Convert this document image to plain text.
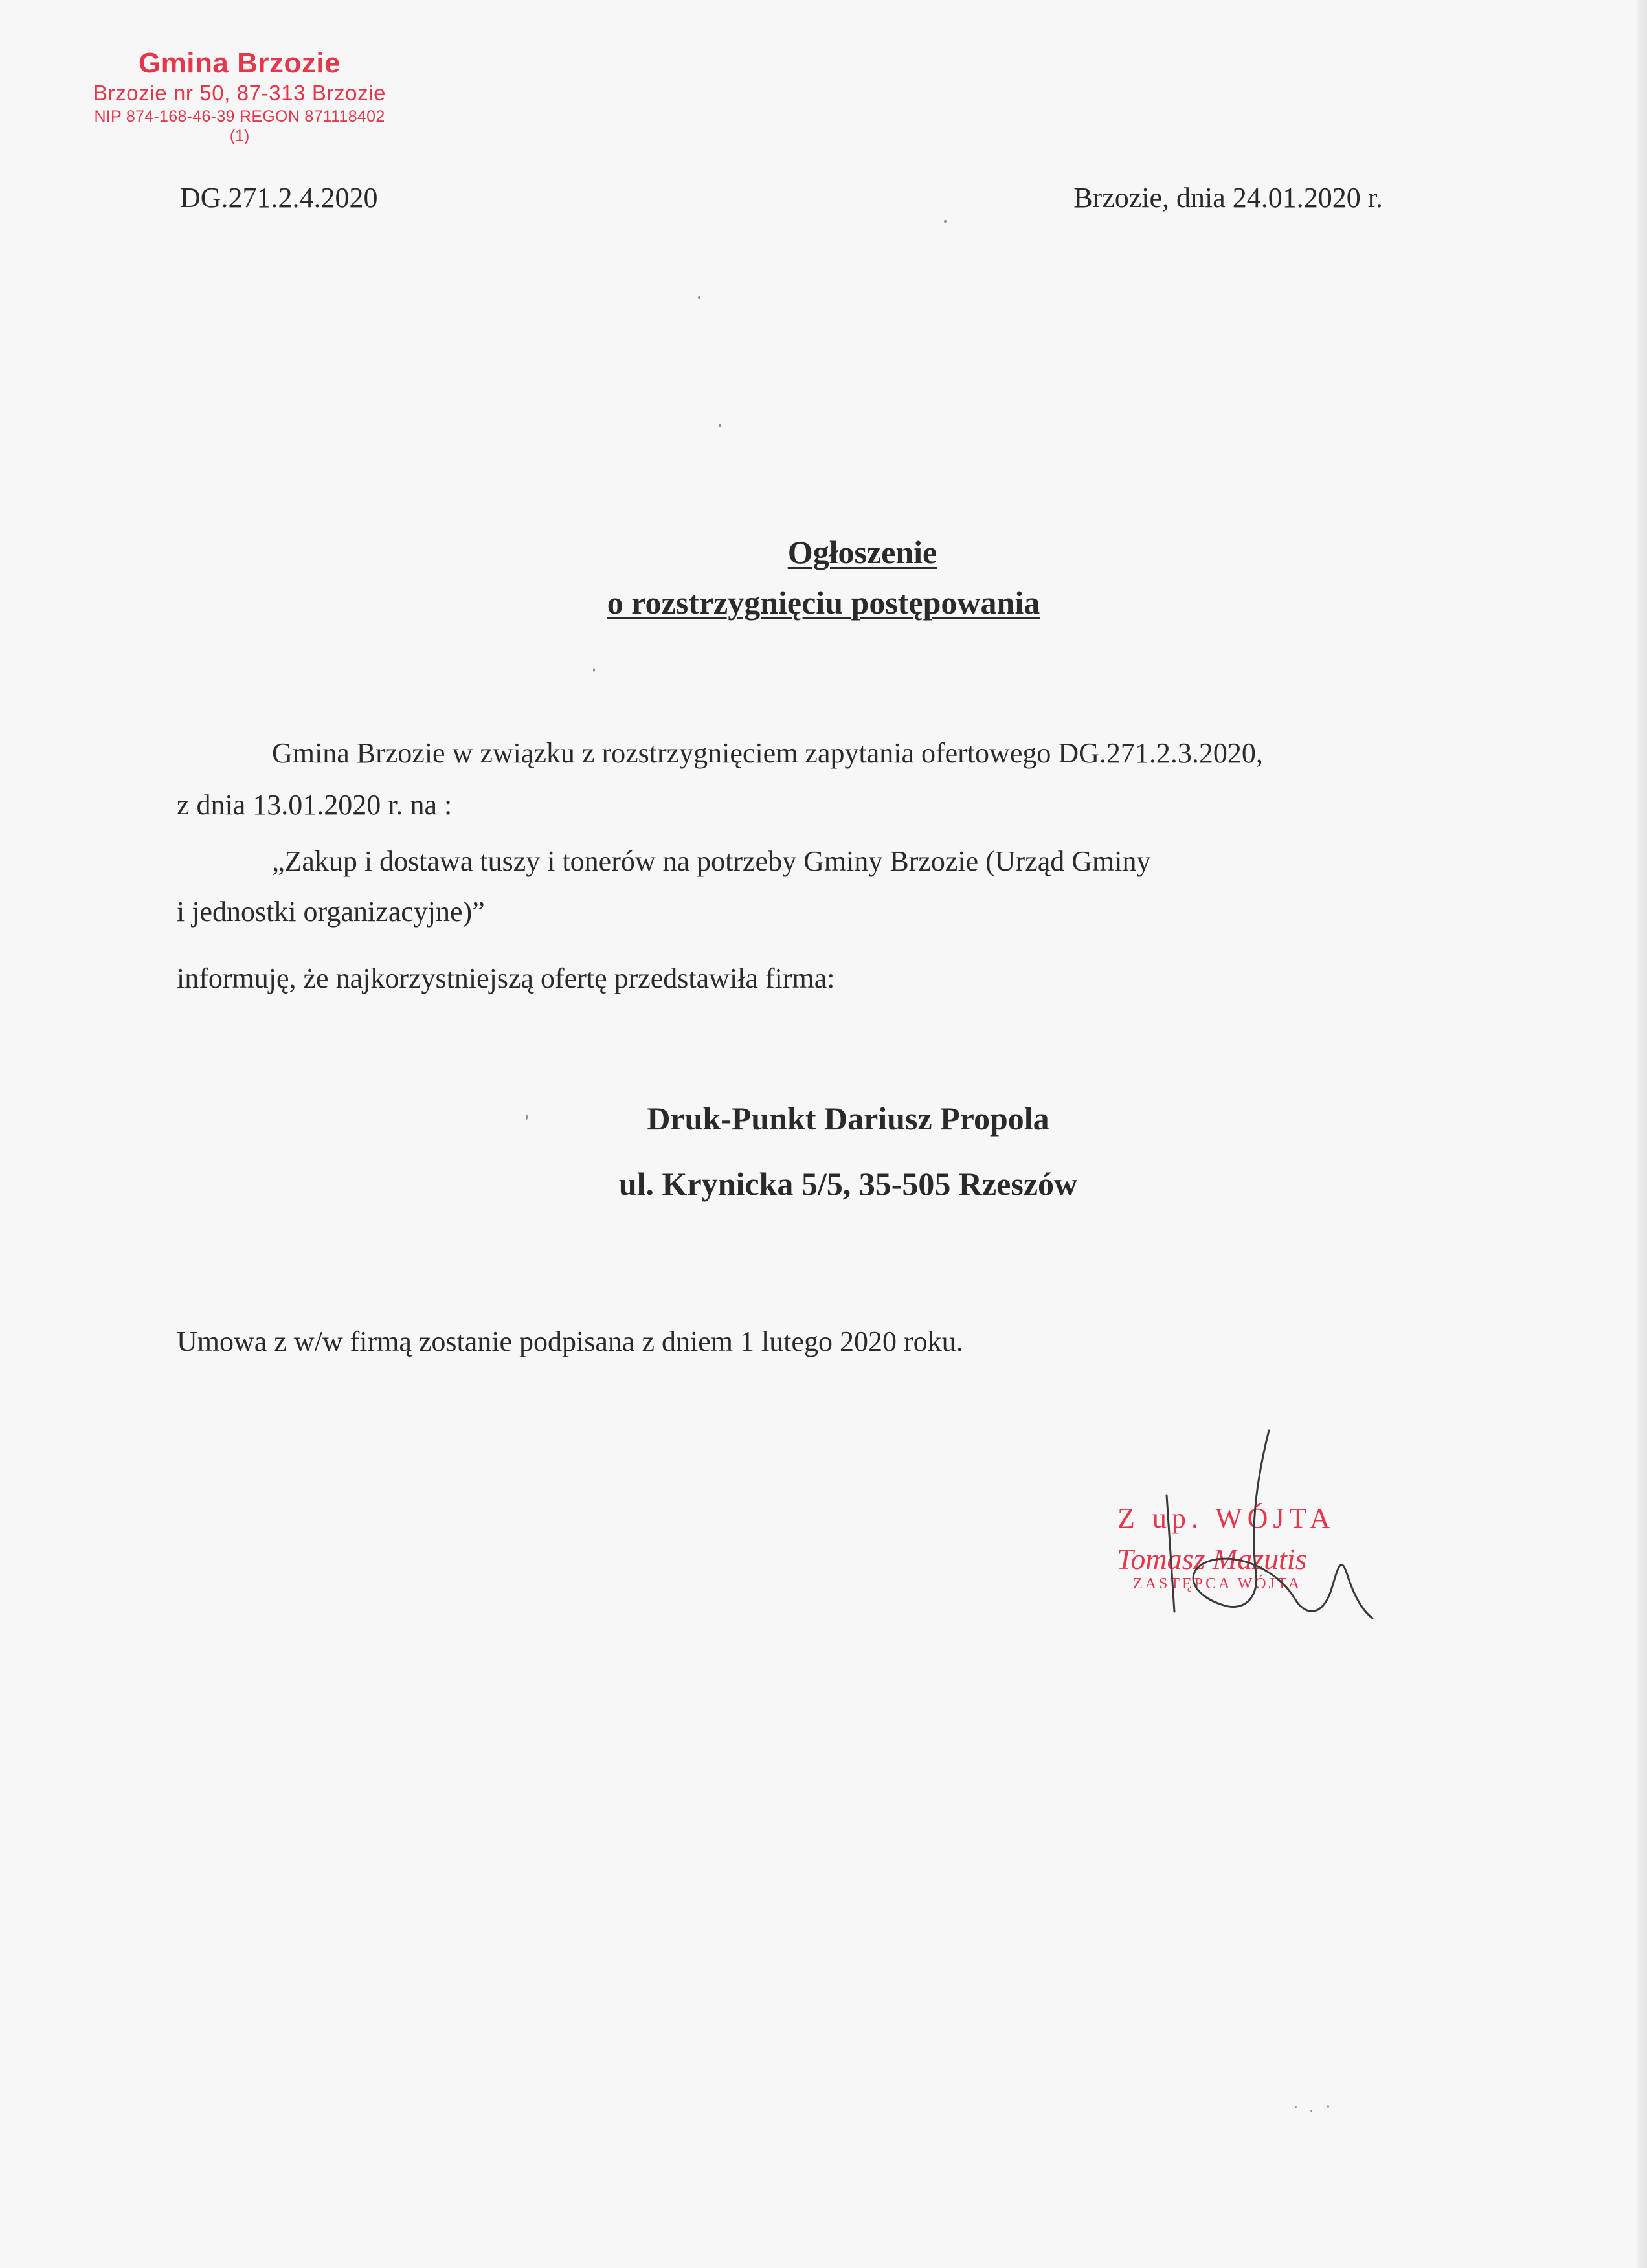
Gmina Brzozie
Brzozie nr 50, 87-313 Brzozie
NIP 874-168-46-39 REGON 871118402
(1)
DG.271.2.4.2020	Brzozie, dnia 24.01.2020 r.
Ogłoszenie
o rozstrzygnięciu postępowania
Gmina Brzozie w związku z rozstrzygnięciem zapytania ofertowego DG.271.2.3.2020,
z dnia 13.01.2020 r. na :
„Zakup i dostawa tuszy i tonerów na potrzeby Gminy Brzozie (Urząd Gminy
i jednostki organizacyjne)”
informuję, że najkorzystniejszą ofertę przedstawiła firma:
Druk-Punkt Dariusz Propola
ul. Krynicka 5/5, 35-505 Rzeszów
Umowa z w/w firmą zostanie podpisana z dniem 1 lutego 2020 roku.
Z up. WÓJTA
Tomasz Mazutis
ZASTĘPCA WÓJTA
